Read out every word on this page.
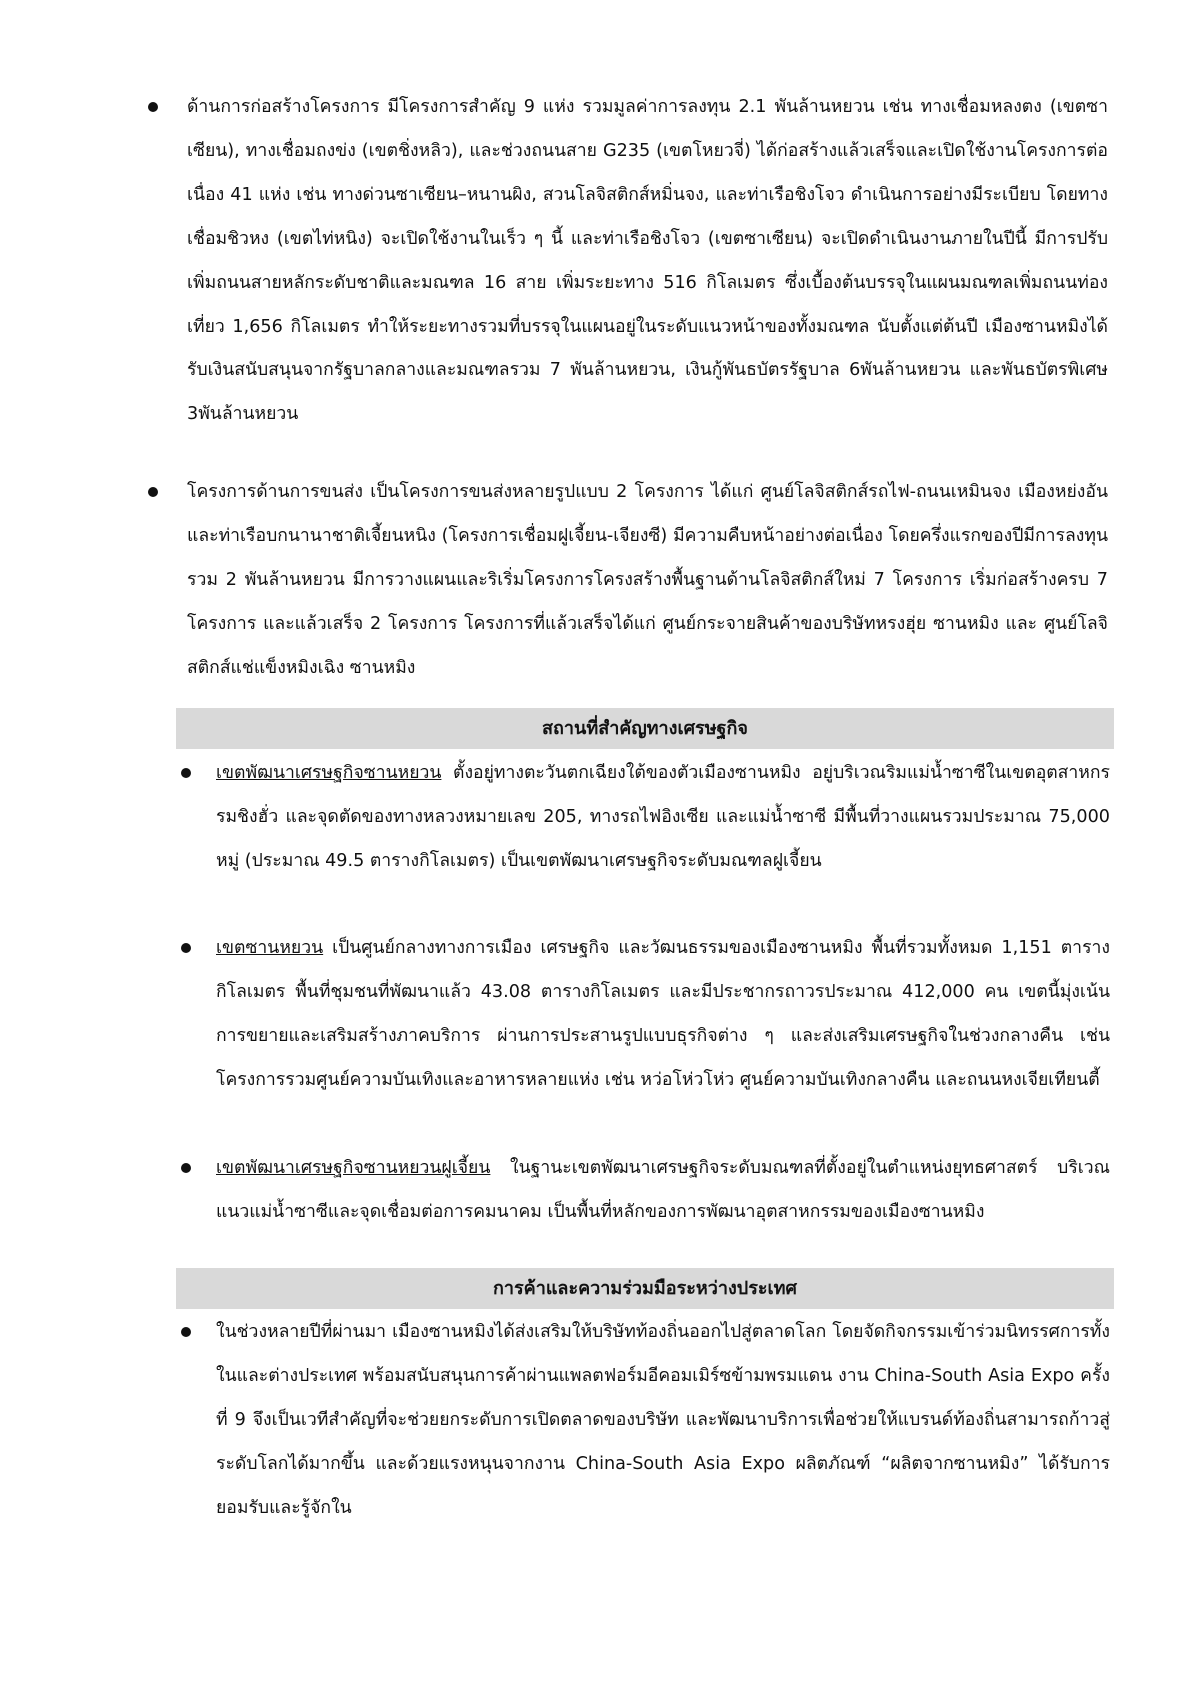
ด้านการก่อสร้างโครงการ มีโครงการสำคัญ 9 แห่ง รวมมูลค่าการลงทุน 2.1 พันล้านหยวน เช่น ทางเชื่อมหลงตง (เขตซาเซียน), ทางเชื่อมถงข่ง (เขตชิ่งหลิว), และช่วงถนนสาย G235 (เขตโหยวจี่) ได้ก่อสร้างแล้วเสร็จและเปิดใช้งานโครงการต่อเนื่อง 41 แห่ง เช่น ทางด่วนซาเซียน–หนานผิง, สวนโลจิสติกส์หมิ่นจง, และท่าเรือชิงโจว ดำเนินการอย่างมีระเบียบ โดยทางเชื่อมชิวหง (เขตไท่หนิง) จะเปิดใช้งานในเร็ว ๆ นี้ และท่าเรือชิงโจว (เขตซาเซียน) จะเปิดดำเนินงานภายในปีนี้ มีการปรับเพิ่มถนนสายหลักระดับชาติและมณฑล 16 สาย เพิ่มระยะทาง 516 กิโลเมตร ซึ่งเบื้องต้นบรรจุในแผนมณฑลเพิ่มถนนท่องเที่ยว 1,656 กิโลเมตร ทำให้ระยะทางรวมที่บรรจุในแผนอยู่ในระดับแนวหน้าของทั้งมณฑล นับตั้งแต่ต้นปี เมืองซานหมิงได้รับเงินสนับสนุนจากรัฐบาลกลางและมณฑลรวม 7 พันล้านหยวน, เงินกู้พันธบัตรรัฐบาล 6พันล้านหยวน และพันธบัตรพิเศษ 3พันล้านหยวน
โครงการด้านการขนส่ง เป็นโครงการขนส่งหลายรูปแบบ 2 โครงการ ได้แก่ ศูนย์โลจิสติกส์รถไฟ-ถนนเหมินจง เมืองหย่งอัน และท่าเรือบกนานาชาติเจี้ยนหนิง (โครงการเชื่อมฝูเจี้ยน-เจียงซี) มีความคืบหน้าอย่างต่อเนื่อง โดยครึ่งแรกของปีมีการลงทุนรวม 2 พันล้านหยวน มีการวางแผนและริเริ่มโครงการโครงสร้างพื้นฐานด้านโลจิสติกส์ใหม่ 7 โครงการ เริ่มก่อสร้างครบ 7 โครงการ และแล้วเสร็จ 2 โครงการ โครงการที่แล้วเสร็จได้แก่ ศูนย์กระจายสินค้าของบริษัทหรงฮุ่ย ซานหมิง และ ศูนย์โลจิสติกส์แช่แข็งหมิงเฉิง ซานหมิง
สถานที่สำคัญทางเศรษฐกิจ
เขตพัฒนาเศรษฐกิจซานหยวน ตั้งอยู่ทางตะวันตกเฉียงใต้ของตัวเมืองซานหมิง อยู่บริเวณริมแม่น้ำซาซีในเขตอุตสาหกรรมชิงฮั่ว และจุดตัดของทางหลวงหมายเลข 205, ทางรถไฟอิงเซีย และแม่น้ำซาซี มีพื้นที่วางแผนรวมประมาณ 75,000 หมู่ (ประมาณ 49.5 ตารางกิโลเมตร) เป็นเขตพัฒนาเศรษฐกิจระดับมณฑลฝูเจี้ยน
เขตซานหยวน เป็นศูนย์กลางทางการเมือง เศรษฐกิจ และวัฒนธรรมของเมืองซานหมิง พื้นที่รวมทั้งหมด 1,151 ตารางกิโลเมตร พื้นที่ชุมชนที่พัฒนาแล้ว 43.08 ตารางกิโลเมตร และมีประชากรถาวรประมาณ 412,000 คน เขตนี้มุ่งเน้นการขยายและเสริมสร้างภาคบริการ ผ่านการประสานรูปแบบธุรกิจต่าง ๆ และส่งเสริมเศรษฐกิจในช่วงกลางคืน เช่น โครงการรวมศูนย์ความบันเทิงและอาหารหลายแห่ง เช่น หว่อโห่วโห่ว ศูนย์ความบันเทิงกลางคืน และถนนหงเจียเทียนตี้
เขตพัฒนาเศรษฐกิจซานหยวนฝูเจี้ยน ในฐานะเขตพัฒนาเศรษฐกิจระดับมณฑลที่ตั้งอยู่ในตำแหน่งยุทธศาสตร์ บริเวณแนวแม่น้ำซาซีและจุดเชื่อมต่อการคมนาคม เป็นพื้นที่หลักของการพัฒนาอุตสาหกรรมของเมืองซานหมิง
การค้าและความร่วมมือระหว่างประเทศ
ในช่วงหลายปีที่ผ่านมา เมืองซานหมิงได้ส่งเสริมให้บริษัทท้องถิ่นออกไปสู่ตลาดโลก โดยจัดกิจกรรมเข้าร่วมนิทรรศการทั้งในและต่างประเทศ พร้อมสนับสนุนการค้าผ่านแพลตฟอร์มอีคอมเมิร์ซข้ามพรมแดน งาน China-South Asia Expo ครั้งที่ 9 จึงเป็นเวทีสำคัญที่จะช่วยยกระดับการเปิดตลาดของบริษัท และพัฒนาบริการเพื่อช่วยให้แบรนด์ท้องถิ่นสามารถก้าวสู่ระดับโลกได้มากขึ้น และด้วยแรงหนุนจากงาน China-South Asia Expo ผลิตภัณฑ์ “ผลิตจากซานหมิง” ได้รับการยอมรับและรู้จักใน
